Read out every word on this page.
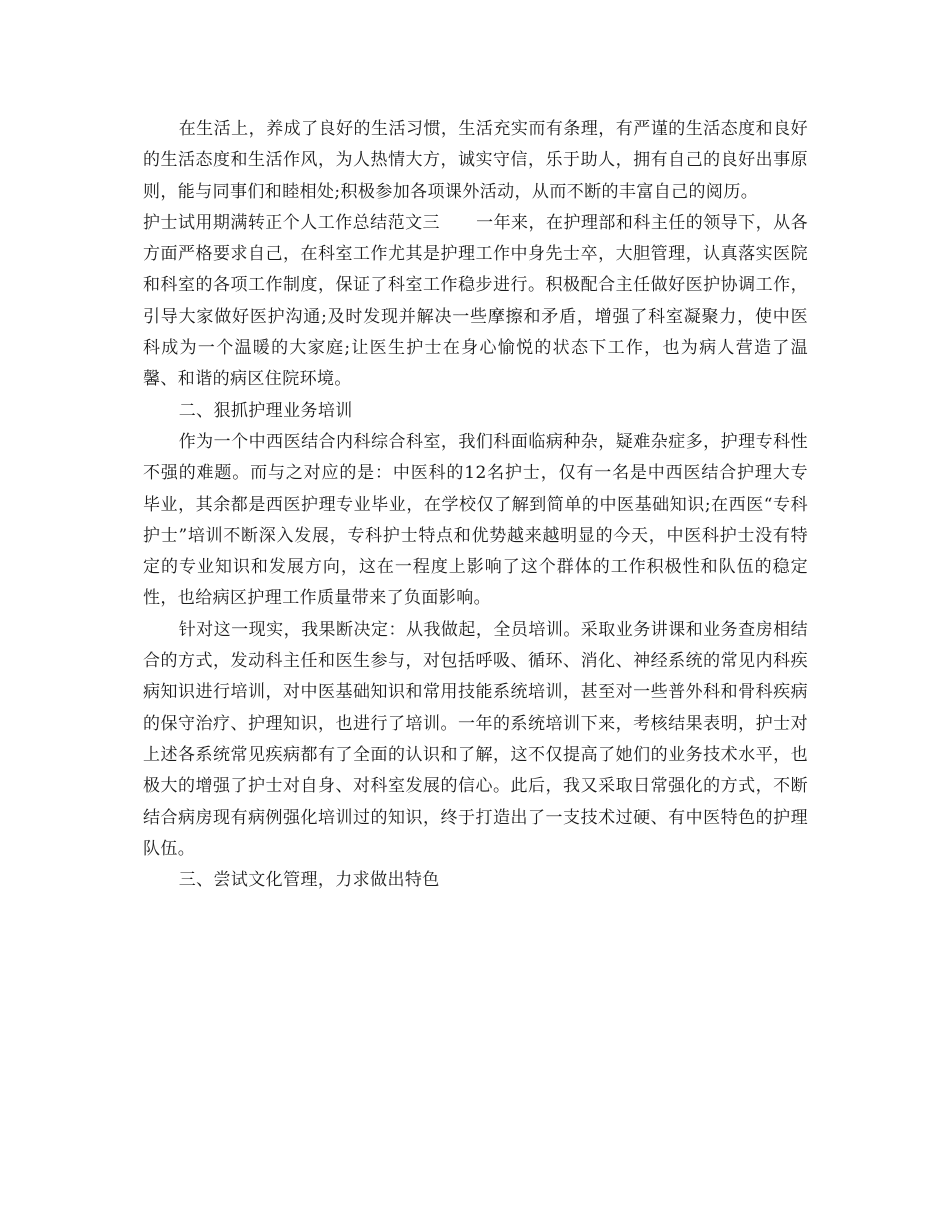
在生活上，养成了良好的生活习惯，生活充实而有条理，有严谨的生活态度和良好的生活态度和生活作风，为人热情大方，诚实守信，乐于助人，拥有自己的良好出事原则，能与同事们和睦相处;积极参加各项课外活动，从而不断的丰富自己的阅历。

护士试用期满转正个人工作总结范文三 一年来，在护理部和科主任的领导下，从各方面严格要求自己，在科室工作尤其是护理工作中身先士卒，大胆管理，认真落实医院和科室的各项工作制度，保证了科室工作稳步进行。积极配合主任做好医护协调工作，引导大家做好医护沟通;及时发现并解决一些摩擦和矛盾，增强了科室凝聚力，使中医科成为一个温暖的大家庭;让医生护士在身心愉悦的状态下工作，也为病人营造了温馨、和谐的病区住院环境。

二、狠抓护理业务培训

作为一个中西医结合内科综合科室，我们科面临病种杂，疑难杂症多，护理专科性不强的难题。而与之对应的是：中医科的12名护士，仅有一名是中西医结合护理大专毕业，其余都是西医护理专业毕业，在学校仅了解到简单的中医基础知识;在西医“专科护士”培训不断深入发展，专科护士特点和优势越来越明显的今天，中医科护士没有特定的专业知识和发展方向，这在一程度上影响了这个群体的工作积极性和队伍的稳定性，也给病区护理工作质量带来了负面影响。

针对这一现实，我果断决定：从我做起，全员培训。采取业务讲课和业务查房相结合的方式，发动科主任和医生参与，对包括呼吸、循环、消化、神经系统的常见内科疾病知识进行培训，对中医基础知识和常用技能系统培训，甚至对一些普外科和骨科疾病的保守治疗、护理知识，也进行了培训。一年的系统培训下来，考核结果表明，护士对上述各系统常见疾病都有了全面的认识和了解，这不仅提高了她们的业务技术水平，也极大的增强了护士对自身、对科室发展的信心。此后，我又采取日常强化的方式，不断结合病房现有病例强化培训过的知识，终于打造出了一支技术过硬、有中医特色的护理队伍。

三、尝试文化管理，力求做出特色
